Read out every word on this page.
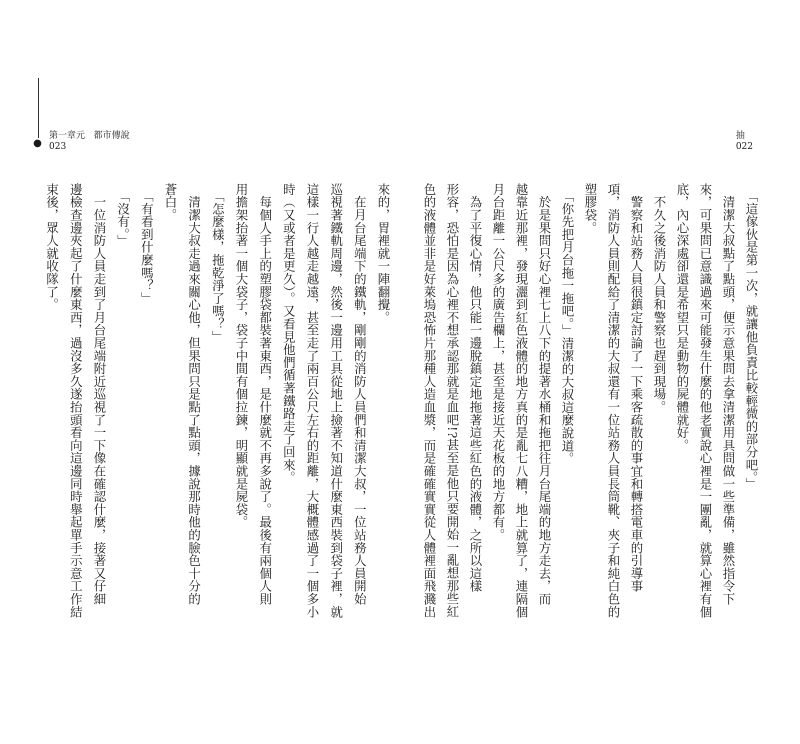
●
第一章元 都市傳說
023
抽
022
來的，胃裡就一陣翻攪。
　在月台尾端下的鐵軌，剛剛的消防人員們和清潔大叔，一位站務人員開始
巡視著鐵軌周邊，然後一邊用工具從地上撿著不知道什麼東西裝到袋子裡，就
這樣一行人越走越遠，甚至走了兩百公尺左右的距離，大概體感過了一個多小
時（又或者是更久）。又看見他們循著鐵路走了回來。
　每個人手上的塑膠袋都裝著東西，是什麼就不再多說了。最後有兩個人則
用擔架抬著一個大袋子，袋子中間有個拉鍊，明顯就是屍袋。
　「怎麼樣，拖乾淨了嗎？」
　清潔大叔走過來關心他，但果問只是點了點頭，據說那時他的臉色十分的
蒼白。
　「有看到什麼嗎？」
　「沒有。」
　一位消防人員走到了月台尾端附近巡視了一下像在確認什麼，接著又仔細
邊檢查邊夾起了什麼東西，過沒多久遂抬頭看向這邊同時舉起單手示意工作結
束後，眾人就收隊了。	　「這傢伙是第一次，就讓他負責比較輕微的部分吧。」
　清潔大叔點了點頭，便示意果問去拿清潔用具問做一些準備，雖然指令下
來，可果問已意識過來可能發生什麼的他老實說心裡是一團亂，就算心裡有個
底，內心深處卻還是希望只是動物的屍體就好。
　不久之後消防人員和警察也趕到現場。
　警察和站務人員很鎮定討論了一下乘客疏散的事宜和轉搭電車的引導事
項，消防人員則配給了清潔的大叔還有一位站務人員長筒靴、夾子和純白色的
塑膠袋。
　「你先把月台拖一拖吧。」清潔的大叔這麼說道。
　於是果問只好心裡七上八下的提著水桶和拖把往月台尾端的地方走去，而
越靠近那裡，發現灑到紅色液體的地方真的是亂七八糟，地上就算了，連隔個
月台距離一公尺多的廣告欄上，甚至是接近天花板的地方都有。
　為了平復心情，他只能一邊脫鎮定地拖著這些紅色的液體，之所以這樣
形容，恐怕是因為心裡不想承認那就是血吧!?甚至是他只要開始一亂想那些紅
色的液體並非是好萊塢恐怖片那種人造血漿，而是確確實實從人體裡面飛濺出
